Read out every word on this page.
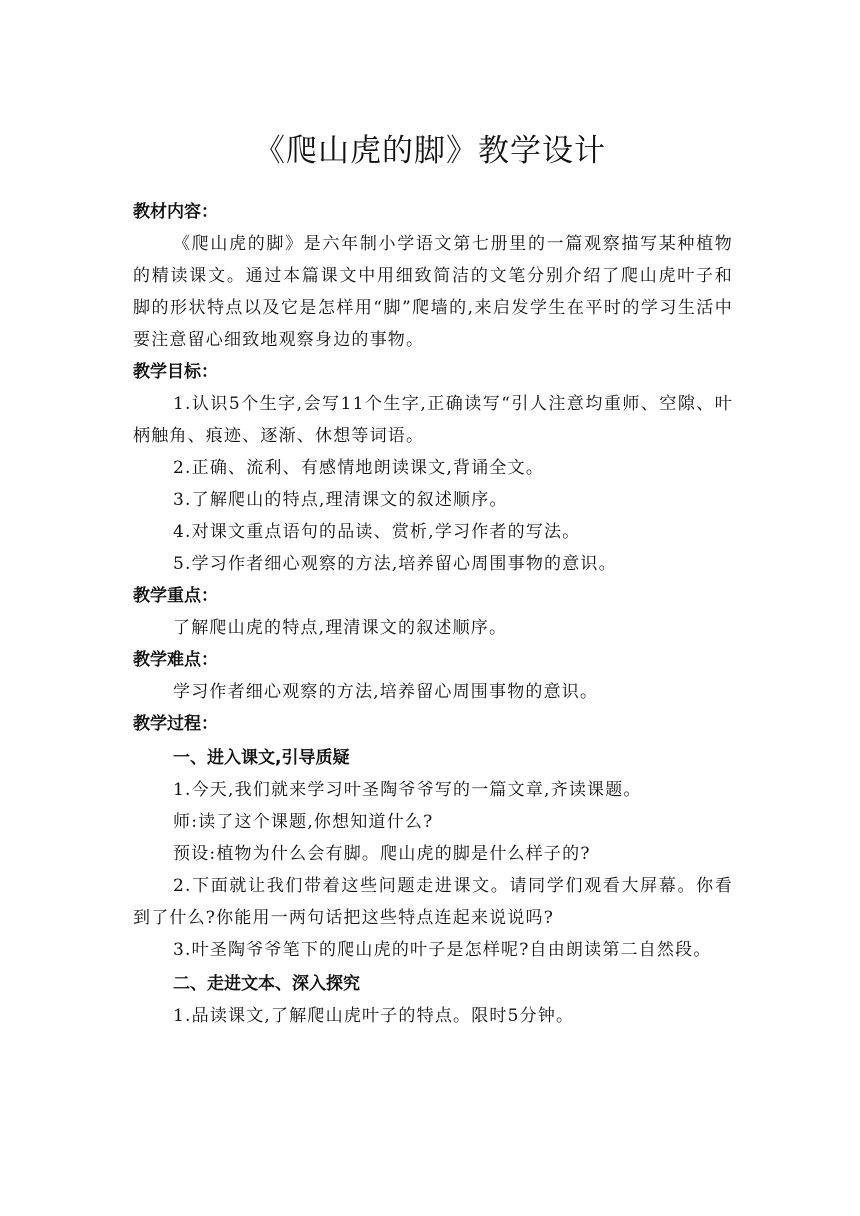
《爬山虎的脚》教学设计

教材内容：

《爬山虎的脚》是六年制小学语文第七册里的一篇观察描写某种植物的精读课文。通过本篇课文中用细致简洁的文笔分别介绍了爬山虎叶子和脚的形状特点以及它是怎样用“脚”爬墙的,来启发学生在平时的学习生活中要注意留心细致地观察身边的事物。

教学目标：

1.认识5个生字,会写11个生字,正确读写“引人注意均重师、空隙、叶柄触角、痕迹、逐渐、休想等词语。

2.正确、流利、有感情地朗读课文,背诵全文。

3.了解爬山的特点,理清课文的叙述顺序。

4.对课文重点语句的品读、赏析,学习作者的写法。

5.学习作者细心观察的方法,培养留心周围事物的意识。

教学重点：

了解爬山虎的特点,理清课文的叙述顺序。

教学难点：

学习作者细心观察的方法,培养留心周围事物的意识。

教学过程：

一、进入课文,引导质疑

1.今天,我们就来学习叶圣陶爷爷写的一篇文章,齐读课题。

师:读了这个课题,你想知道什么?

预设:植物为什么会有脚。爬山虎的脚是什么样子的?

2.下面就让我们带着这些问题走进课文。请同学们观看大屏幕。你看到了什么?你能用一两句话把这些特点连起来说说吗?

3.叶圣陶爷爷笔下的爬山虎的叶子是怎样呢?自由朗读第二自然段。

二、走进文本、深入探究

1.品读课文,了解爬山虎叶子的特点。限时5分钟。
